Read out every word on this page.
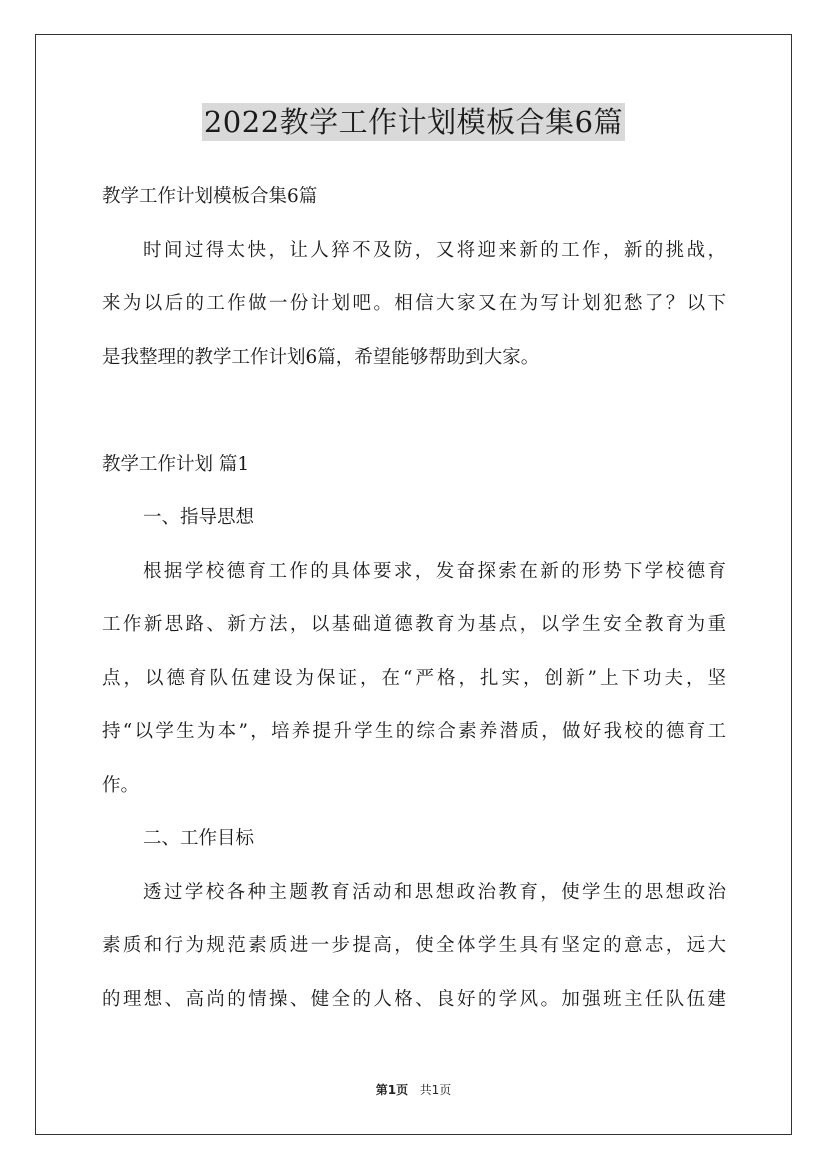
2022教学工作计划模板合集6篇
教学工作计划模板合集6篇
时间过得太快，让人猝不及防，又将迎来新的工作，新的挑战，
来为以后的工作做一份计划吧。相信大家又在为写计划犯愁了？以下
是我整理的教学工作计划6篇，希望能够帮助到大家。
教学工作计划 篇1
一、指导思想
根据学校德育工作的具体要求，发奋探索在新的形势下学校德育
工作新思路、新方法，以基础道德教育为基点，以学生安全教育为重
点，以德育队伍建设为保证，在“严格，扎实，创新”上下功夫，坚
持“以学生为本”，培养提升学生的综合素养潜质，做好我校的德育工
作。
二、工作目标
透过学校各种主题教育活动和思想政治教育，使学生的思想政治
素质和行为规范素质进一步提高，使全体学生具有坚定的意志，远大
的理想、高尚的情操、健全的人格、良好的学风。加强班主任队伍建
第1页 共1页
